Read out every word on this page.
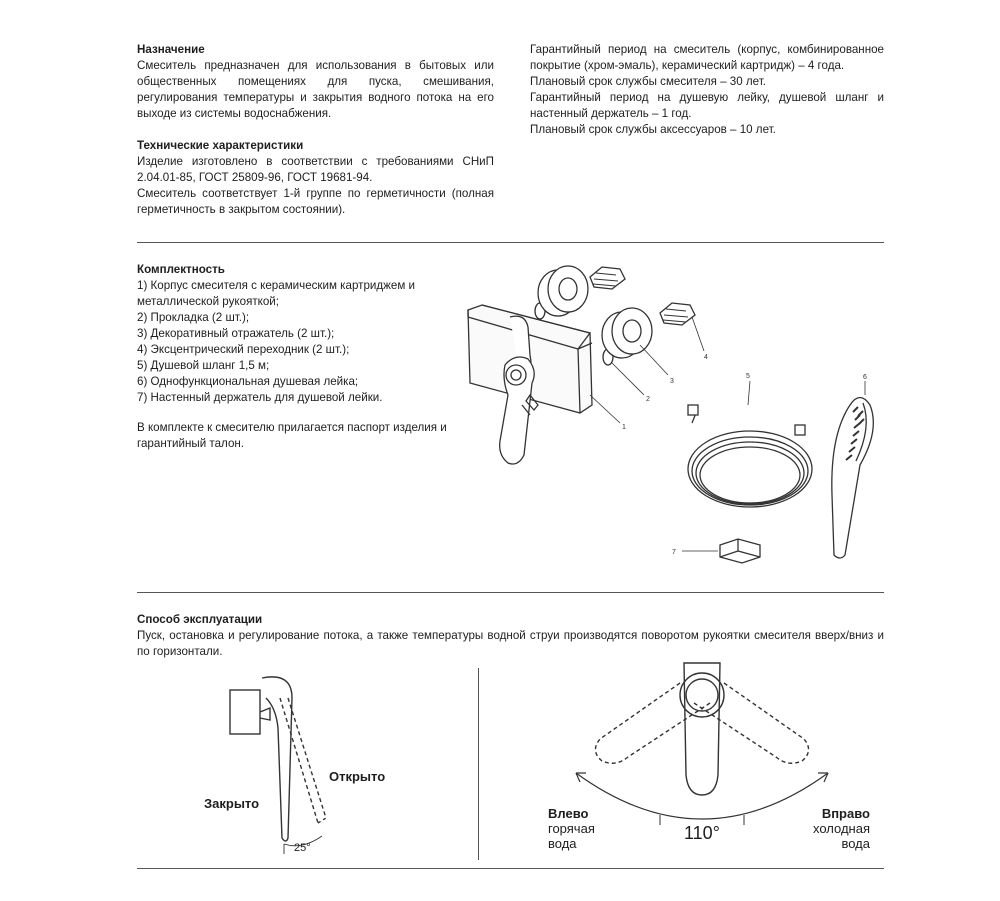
Назначение

Смеситель предназначен для использования в бытовых или общественных помещениях для пуска, смешивания, регулирования температуры и закрытия водного потока на его выходе из системы водоснабжения.

Технические характеристики

Изделие изготовлено в соответствии с требованиями СНиП 2.04.01-85, ГОСТ 25809-96, ГОСТ 19681-94.

Смеситель соответствует 1-й группе по герметичности (полная герметичность в закрытом состоянии).

Гарантийный период на смеситель (корпус, комбинированное покрытие (хром-эмаль), керамический картридж) – 4 года.

Плановый срок службы смесителя – 30 лет.

Гарантийный период на душевую лейку, душевой шланг и настенный держатель – 1 год.

Плановый срок службы аксессуаров – 10 лет.

Комплектность

1) Корпус смесителя с керамическим картриджем и металлической рукояткой;
2) Прокладка (2 шт.);
3) Декоративный отражатель (2 шт.);
4) Эксцентрический переходник (2 шт.);
5) Душевой шланг 1,5 м;
6) Однофункциональная душевая лейка;
7) Настенный держатель для душевой лейки.

В комплекте к смесителю прилагается паспорт изделия и гарантийный талон.

1
2
3
4
5	6
7

Способ эксплуатации

Пуск, остановка и регулирование потока, а также температуры водной струи производятся поворотом рукоятки смесителя вверх/вниз и по горизонтали.

25°
Закрыто
Открыто
110°
Влево
горячая
вода
Вправо
холодная
вода
